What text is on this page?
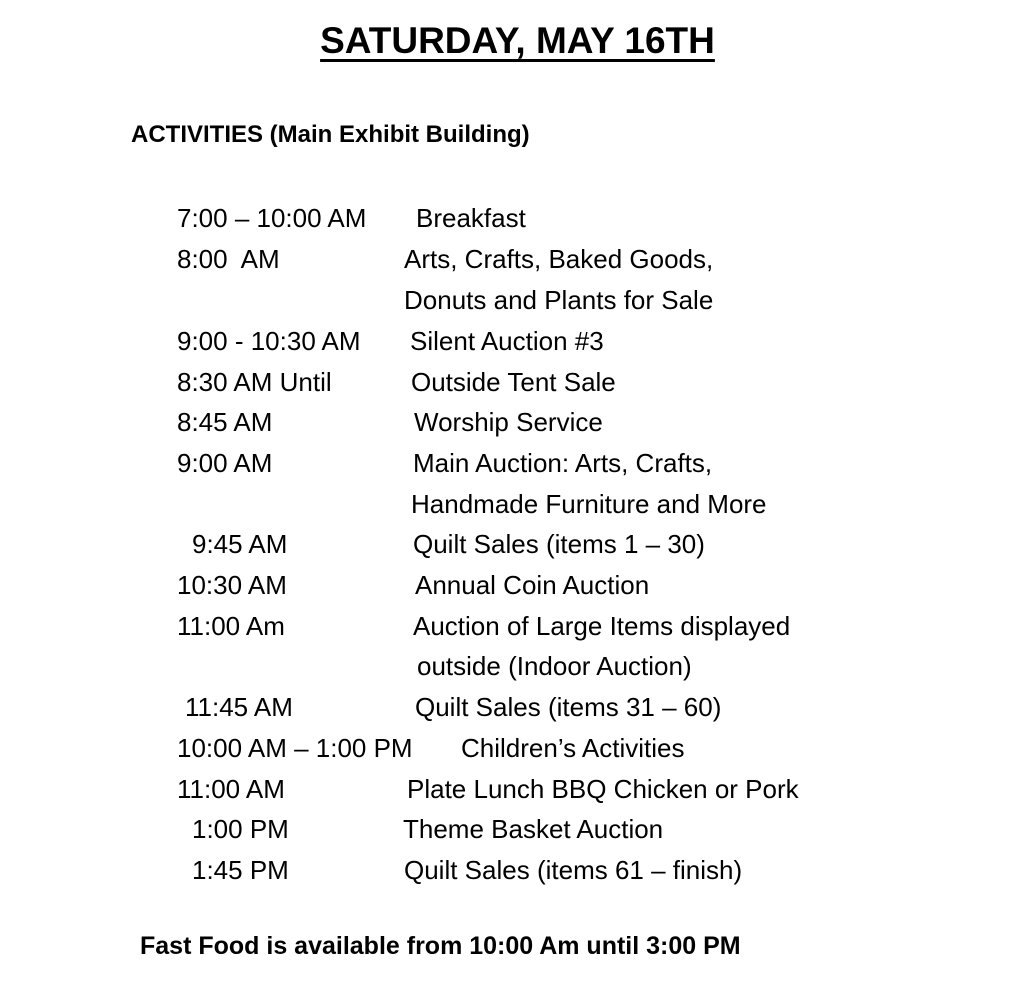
SATURDAY, MAY 16TH
ACTIVITIES (Main Exhibit Building)
7:00 – 10:00 AM Breakfast
8:00  AM	Arts, Crafts, Baked Goods,
Donuts and Plants for Sale
9:00 - 10:30 AM Silent Auction #3
8:30 AM Until	Outside Tent Sale
8:45 AM	Worship Service
9:00 AM	Main Auction: Arts, Crafts,
Handmade Furniture and More
9:45 AM	Quilt Sales (items 1 – 30)
10:30 AM	Annual Coin Auction
11:00 Am	Auction of Large Items displayed
outside (Indoor Auction)
11:45 AM	Quilt Sales (items 31 – 60)
10:00 AM – 1:00 PM Children’s Activities
11:00 AM	Plate Lunch BBQ Chicken or Pork
1:00 PM	Theme Basket Auction
1:45 PM	Quilt Sales (items 61 – finish)
Fast Food is available from 10:00 Am until 3:00 PM
